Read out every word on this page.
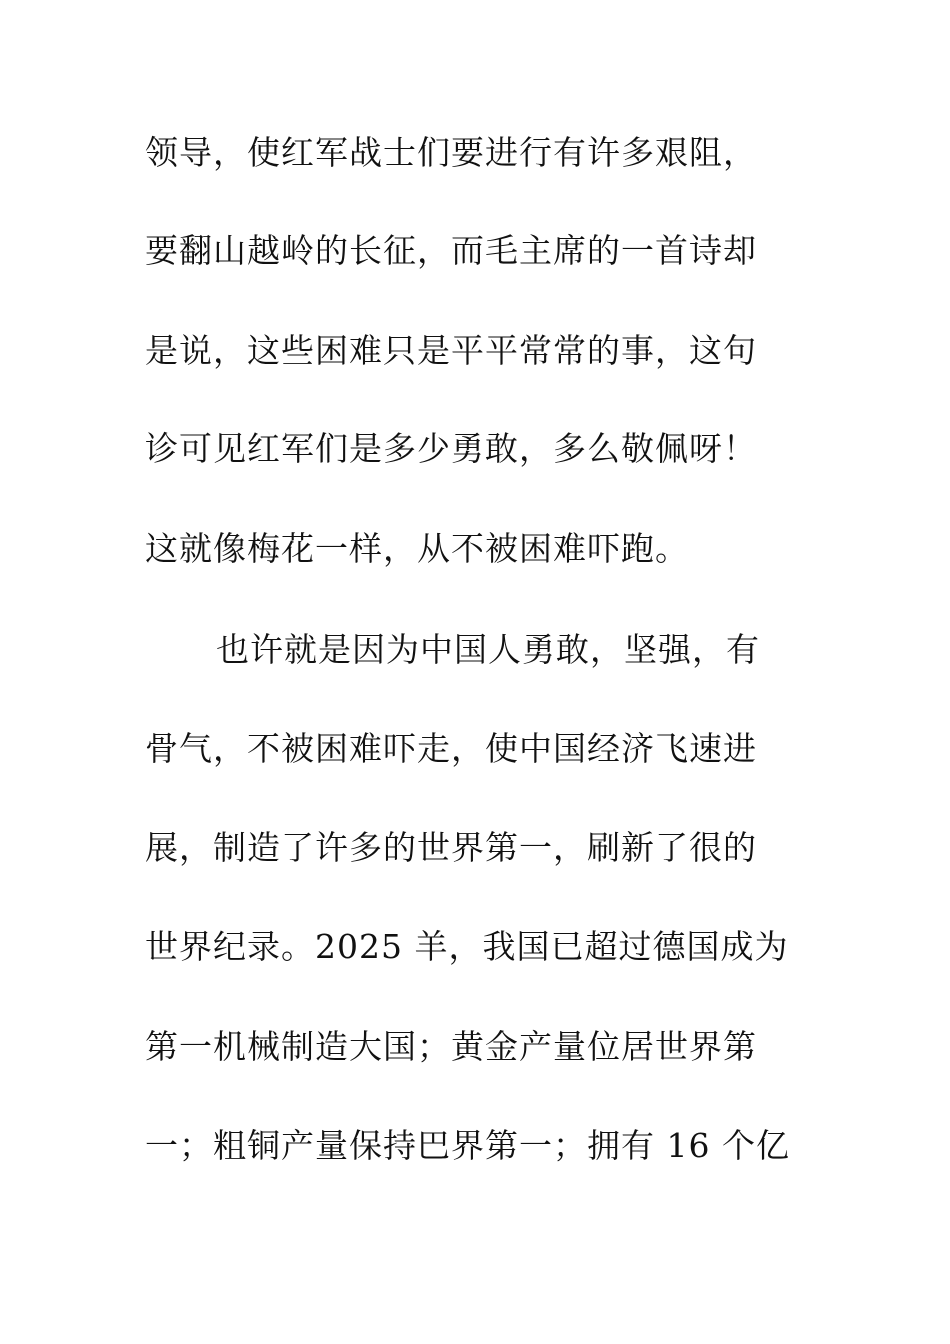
领导，使红军战士们要进行有许多艰阻，
要翻山越岭的长征，而毛主席的一首诗却
是说，这些困难只是平平常常的事，这句
诊可见红军们是多少勇敢，多么敬佩呀！
这就像梅花一样，从不被困难吓跑。
也许就是因为中国人勇敢，坚强，有
骨气，不被困难吓走，使中国经济飞速进
展，制造了许多的世界第一，刷新了很的
世界纪录。2025 羊，我国已超过德国成为
第一机械制造大国；黄金产量位居世界第
一；粗铜产量保持巴界第一；拥有 16 个亿
